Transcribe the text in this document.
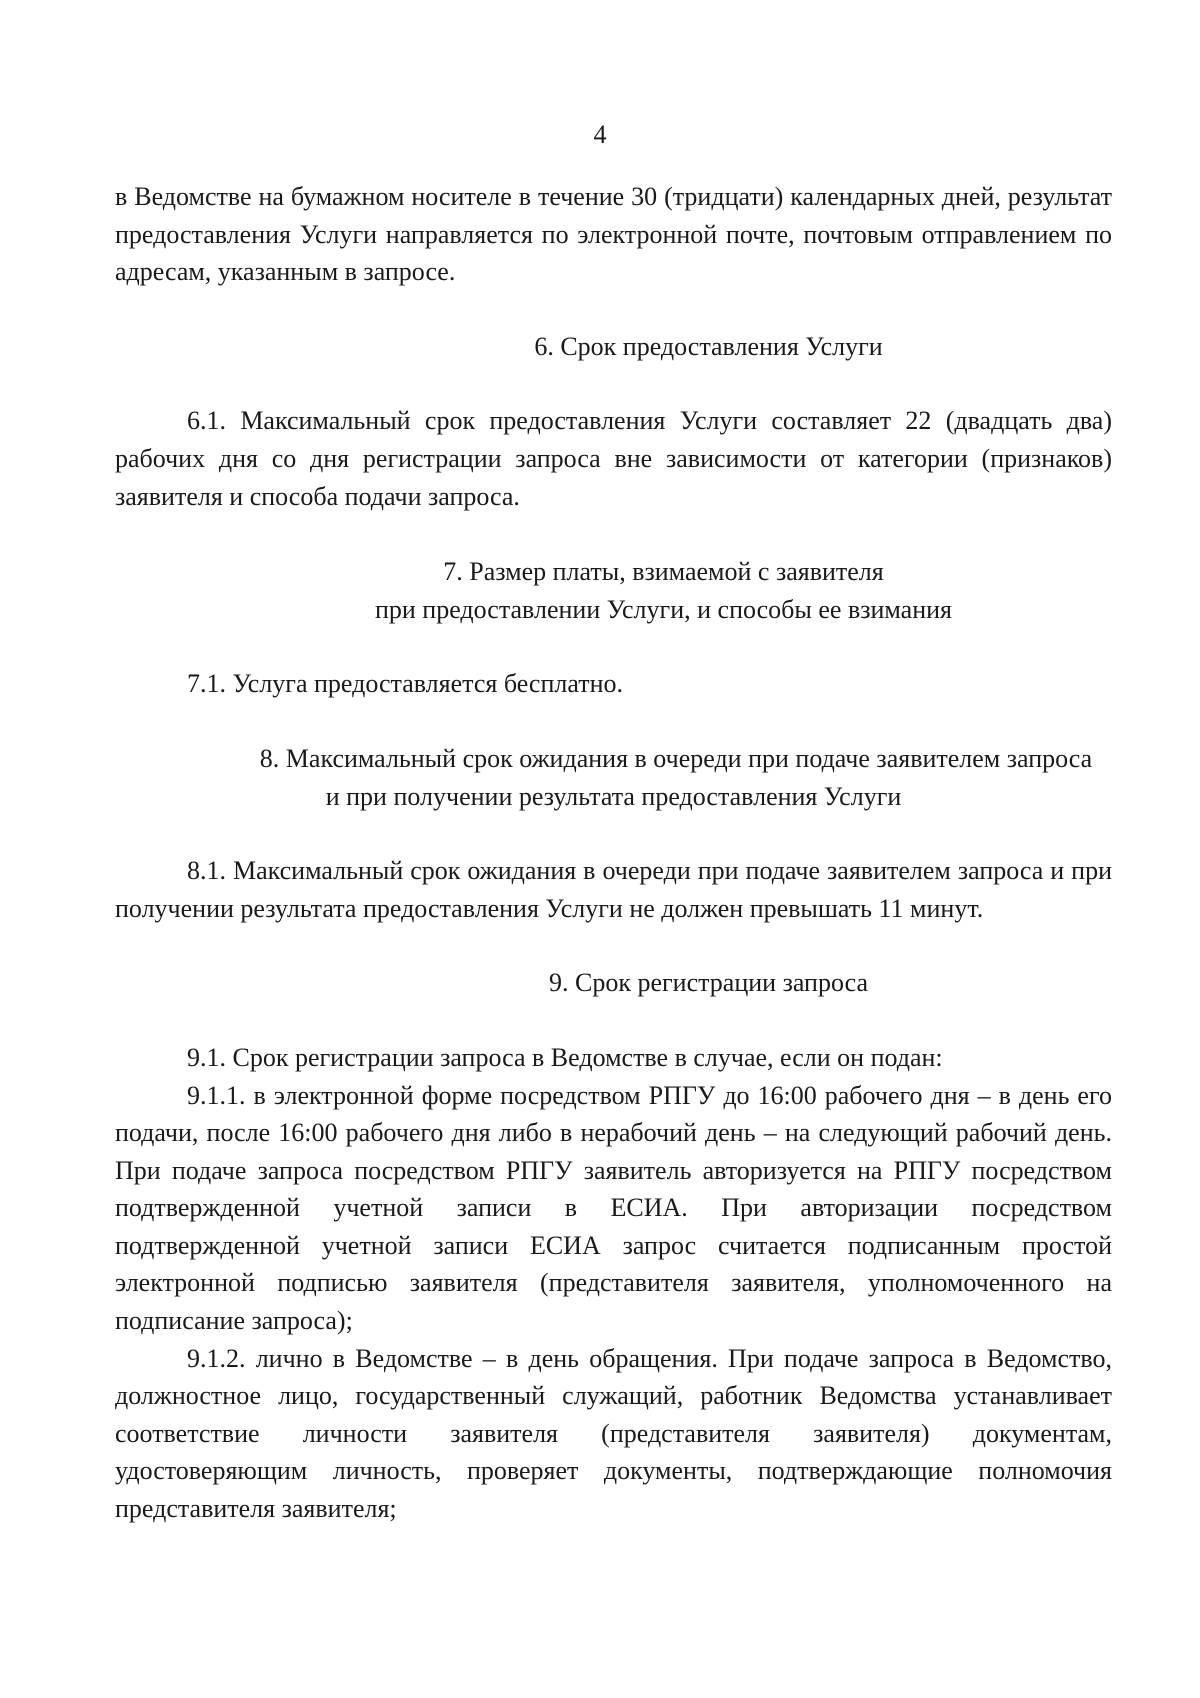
4

в Ведомстве на бумажном носителе в течение 30 (тридцати) календарных дней, результат предоставления Услуги направляется по электронной почте, почтовым отправлением по адресам, указанным в запросе.

6. Срок предоставления Услуги

6.1. Максимальный срок предоставления Услуги составляет 22 (двадцать два) рабочих дня со дня регистрации запроса вне зависимости от категории (признаков) заявителя и способа подачи запроса.

7. Размер платы, взимаемой с заявителя

при предоставлении Услуги, и способы ее взимания

7.1. Услуга предоставляется бесплатно.

8. Максимальный срок ожидания в очереди при подаче заявителем запроса

и при получении результата предоставления Услуги

8.1. Максимальный срок ожидания в очереди при подаче заявителем запроса и при получении результата предоставления Услуги не должен превышать 11 минут.

9. Срок регистрации запроса

9.1. Срок регистрации запроса в Ведомстве в случае, если он подан:

9.1.1. в электронной форме посредством РПГУ до 16:00 рабочего дня – в день его подачи, после 16:00 рабочего дня либо в нерабочий день – на следующий рабочий день. При подаче запроса посредством РПГУ заявитель авторизуется на РПГУ посредством подтвержденной учетной записи в ЕСИА. При авторизации посредством подтвержденной учетной записи ЕСИА запрос считается подписанным простой электронной подписью заявителя (представителя заявителя, уполномоченного на подписание запроса);

9.1.2. лично в Ведомстве – в день обращения. При подаче запроса в Ведомство, должностное лицо, государственный служащий, работник Ведомства устанавливает соответствие личности заявителя (представителя заявителя) документам, удостоверяющим личность, проверяет документы, подтверждающие полномочия представителя заявителя;
